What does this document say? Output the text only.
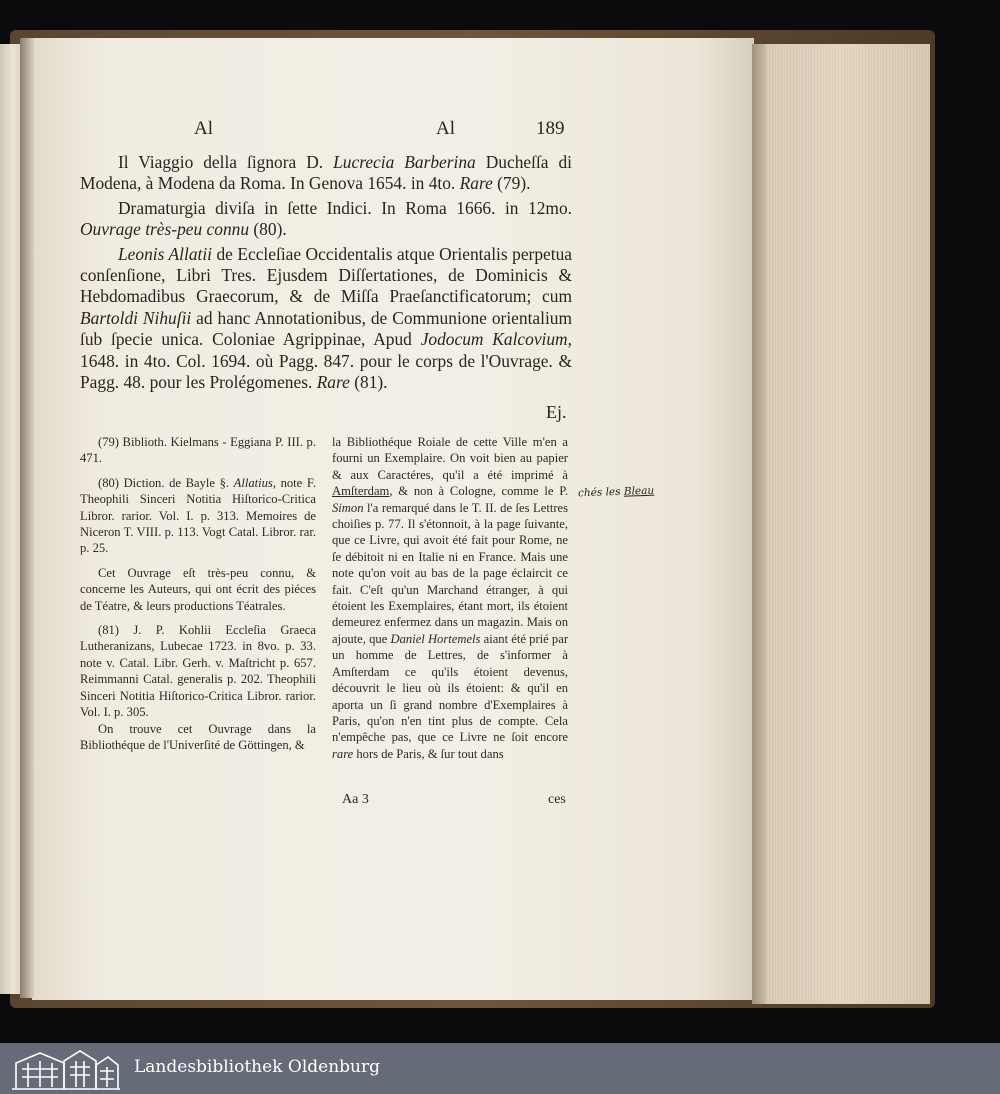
Al	Al	189

Il Viaggio della ſignora D. Lucrecia Barberina Ducheſſa di Modena, à Modena da Roma. In Genova 1654. in 4to. Rare (79).

Dramaturgia diviſa in ſette Indici. In Roma 1666. in 12mo. Ouvrage très-peu connu (80).

Leonis Allatii de Eccleſiae Occidentalis atque Orientalis perpetua conſenſione, Libri Tres. Ejusdem Diſſertationes, de Dominicis & Hebdomadibus Graecorum, & de Miſſa Praeſanctificatorum; cum Bartoldi Nihuſii ad hanc Annotationibus, de Communione orientalium ſub ſpecie unica. Coloniae Agrippinae, Apud Jodocum Kalcovium, 1648. in 4to. Col. 1694. où Pagg. 847. pour le corps de l'Ouvrage. & Pagg. 48. pour les Prolégomenes. Rare (81).

Ej.

(79) Biblioth. Kielmans - Eggiana P. III. p. 471.

(80) Diction. de Bayle §. Allatius, note F. Theophili Sinceri Notitia Hiſtorico-Critica Libror. rarior. Vol. I. p. 313. Memoires de Niceron T. VIII. p. 113. Vogt Catal. Libror. rar. p. 25.

Cet Ouvrage eſt très-peu connu, & concerne les Auteurs, qui ont écrit des piéces de Téatre, & leurs productions Téatrales.

(81) J. P. Kohlii Eccleſia Graeca Lutheranizans, Lubecae 1723. in 8vo. p. 33. note v. Catal. Libr. Gerh. v. Maſtricht p. 657. Reimmanni Catal. generalis p. 202. Theophili Sinceri Notitia Hiſtorico-Critica Libror. rarior. Vol. I. p. 305.

On trouve cet Ouvrage dans la Bibliothéque de l'Univerſité de Göttingen, &

la Bibliothéque Roiale de cette Ville m'en a fourni un Exemplaire. On voit bien au papier & aux Caractéres, qu'il a été imprimé à Amſterdam, & non à Cologne, comme le P. Simon l'a remarqué dans le T. II. de ſes Lettres choiſies p. 77. Il s'étonnoit, à la page ſuivante, que ce Livre, qui avoit été fait pour Rome, ne ſe débitoit ni en Italie ni en France. Mais une note qu'on voit au bas de la page éclaircit ce fait. C'eſt qu'un Marchand étranger, à qui étoient les Exemplaires, étant mort, ils étoient demeurez enfermez dans un magazin. Mais on ajoute, que Daniel Hortemels aiant été prié par un homme de Lettres, de s'informer à Amſterdam ce qu'ils étoient devenus, découvrit le lieu où ils étoient: & qu'il en aporta un ſi grand nombre d'Exemplaires à Paris, qu'on n'en tint plus de compte. Cela n'empêche pas, que ce Livre ne ſoit encore rare hors de Paris, & ſur tout dans

Aa 3	ces
chés les Bleau
Landesbibliothek Oldenburg
